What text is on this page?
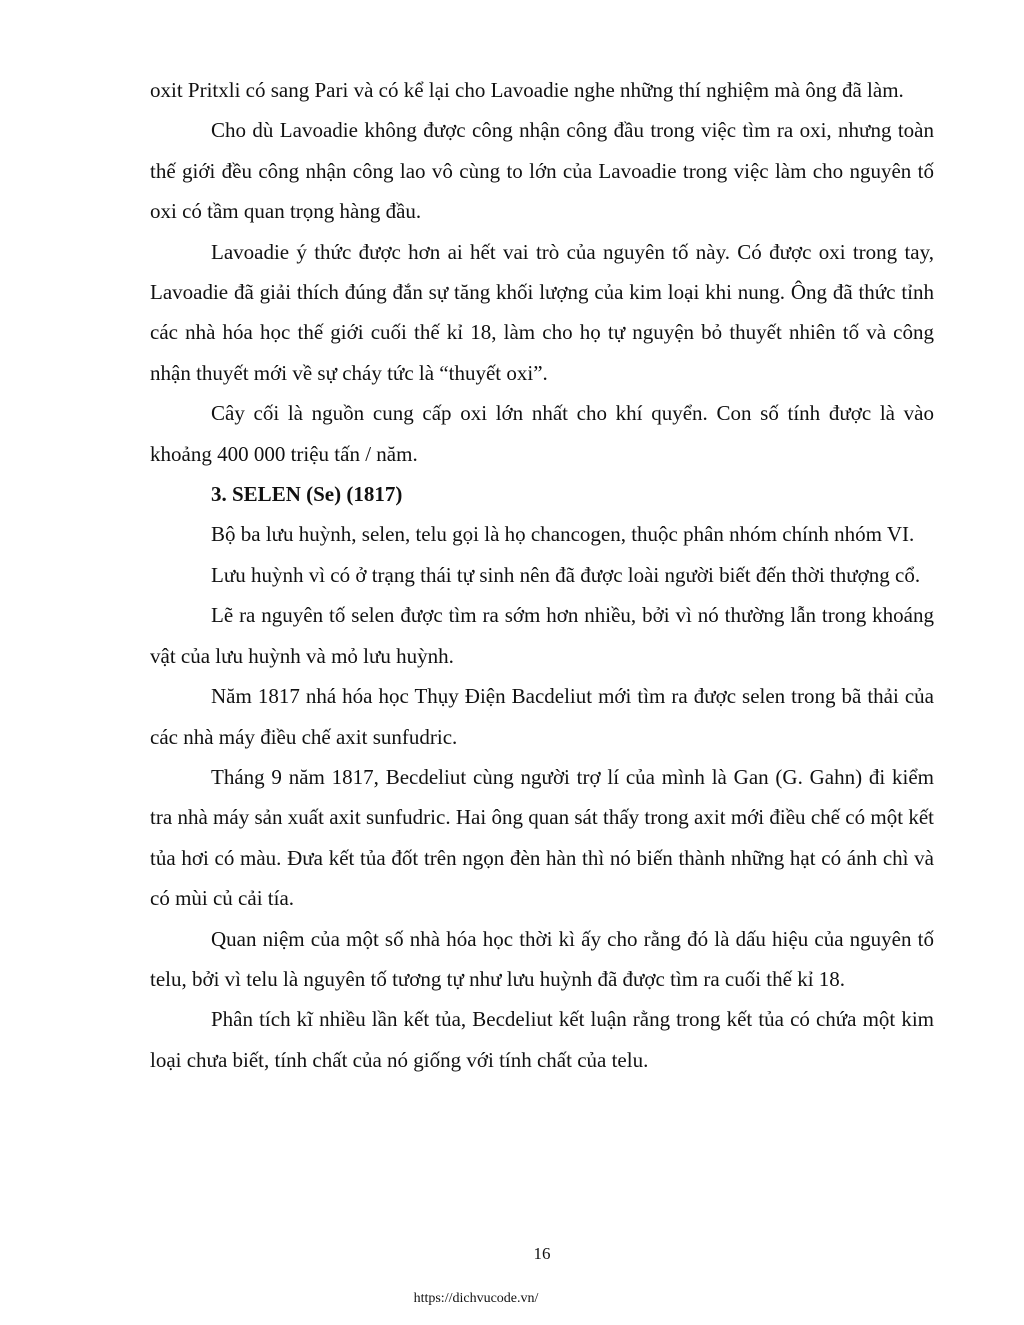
oxit Pritxli có sang Pari và có kể lại cho Lavoadie nghe những thí nghiệm mà ông đã làm.

Cho dù Lavoadie không được công nhận công đầu trong việc tìm ra oxi, nhưng toàn thế giới đều công nhận công lao vô cùng to lớn của Lavoadie trong việc làm cho nguyên tố oxi có tầm quan trọng hàng đầu.

Lavoadie ý thức được hơn ai hết vai trò của nguyên tố này. Có được oxi trong tay, Lavoadie đã giải thích đúng đắn sự tăng khối lượng của kim loại khi nung. Ông đã thức tỉnh các nhà hóa học thế giới cuối thế kỉ 18, làm cho họ tự nguyện bỏ thuyết nhiên tố và công nhận thuyết mới về sự cháy tức là “thuyết oxi”.

Cây cối là nguồn cung cấp oxi lớn nhất cho khí quyển. Con số tính được là vào khoảng 400 000 triệu tấn / năm.

3. SELEN (Se) (1817)

Bộ ba lưu huỳnh, selen, telu gọi là họ chancogen, thuộc phân nhóm chính nhóm VI.

Lưu huỳnh vì có ở trạng thái tự sinh nên đã được loài người biết đến thời thượng cổ.

Lẽ ra nguyên tố selen được tìm ra sớm hơn nhiều, bởi vì nó thường lẫn trong khoáng vật của lưu huỳnh và mỏ lưu huỳnh.

Năm 1817 nhá hóa học Thụy Điện Bacdeliut mới tìm ra được selen trong bã thải của các nhà máy điều chế axit sunfudric.

Tháng 9 năm 1817, Becdeliut cùng người trợ lí của mình là Gan (G. Gahn) đi kiểm tra nhà máy sản xuất axit sunfudric. Hai ông quan sát thấy trong axit mới điều chế có một kết tủa hơi có màu. Đưa kết tủa đốt trên ngọn đèn hàn thì nó biến thành những hạt có ánh chì và có mùi củ cải tía.

Quan niệm của một số nhà hóa học thời kì ấy cho rằng đó là dấu hiệu của nguyên tố telu, bởi vì telu là nguyên tố tương tự như lưu huỳnh đã được tìm ra cuối thế kỉ 18.

Phân tích kĩ nhiều lần kết tủa, Becdeliut kết luận rằng trong kết tủa có chứa một kim loại chưa biết, tính chất của nó giống với tính chất của telu.

16
https://dichvucode.vn/
